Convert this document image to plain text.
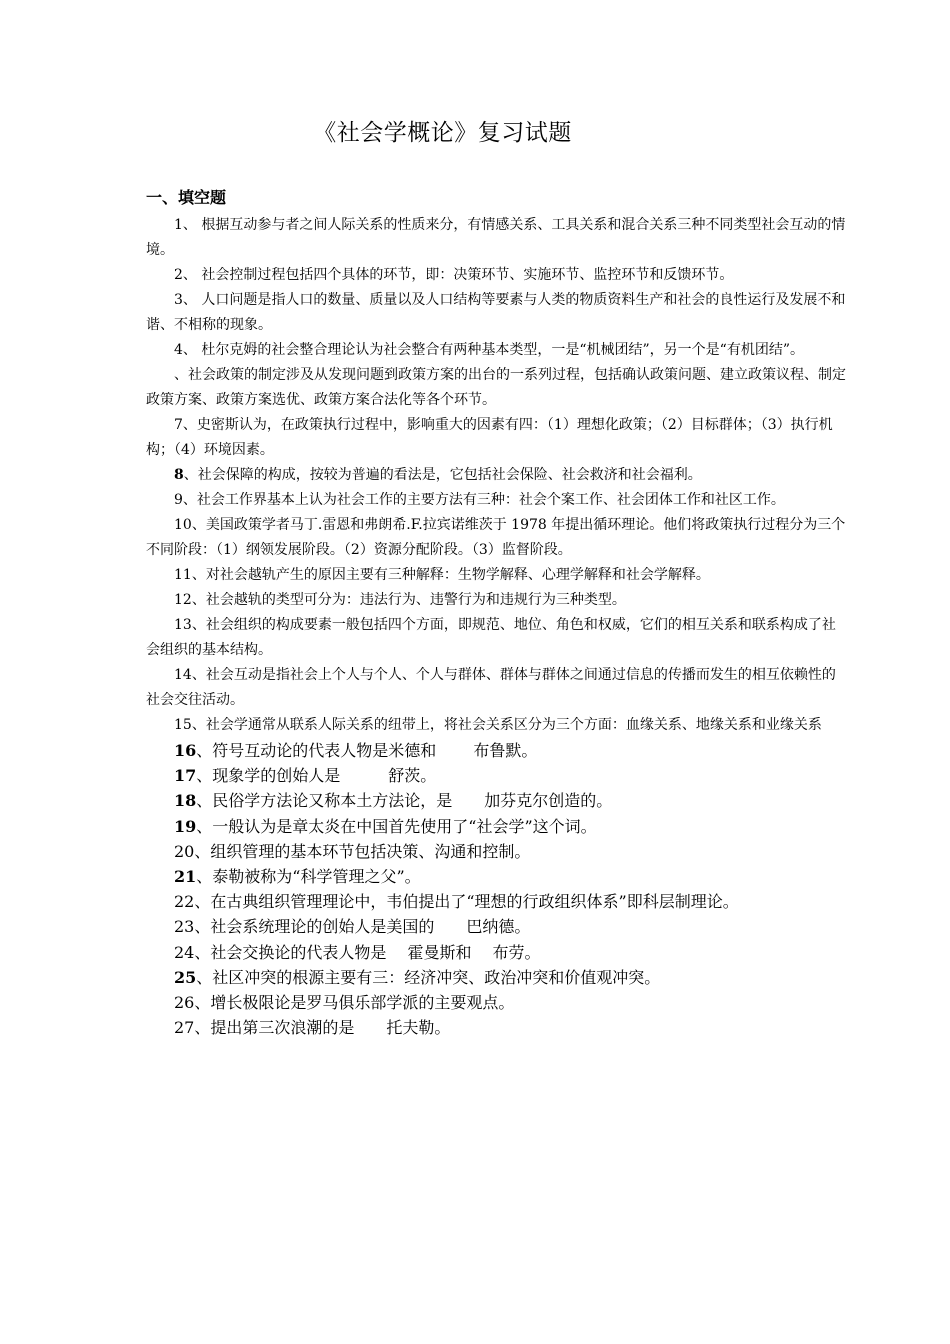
《社会学概论》复习试题
一、填空题

1、 根据互动参与者之间人际关系的性质来分，有情感关系、工具关系和混合关系三种不同类型社会互动的情境。

2、 社会控制过程包括四个具体的环节，即：决策环节、实施环节、监控环节和反馈环节。

3、 人口问题是指人口的数量、质量以及人口结构等要素与人类的物质资料生产和社会的良性运行及发展不和谐、不相称的现象。

4、 杜尔克姆的社会整合理论认为社会整合有两种基本类型，一是“机械团结”，另一个是“有机团结”。

、社会政策的制定涉及从发现问题到政策方案的出台的一系列过程，包括确认政策问题、建立政策议程、制定政策方案、政策方案选优、政策方案合法化等各个环节。

7、史密斯认为，在政策执行过程中，影响重大的因素有四：（1）理想化政策；（2）目标群体；（3）执行机构；（4）环境因素。

8、社会保障的构成，按较为普遍的看法是，它包括社会保险、社会救济和社会福利。

9、社会工作界基本上认为社会工作的主要方法有三种：社会个案工作、社会团体工作和社区工作。

10、美国政策学者马丁.雷恩和弗朗希.F.拉宾诺维茨于 1978 年提出循环理论。他们将政策执行过程分为三个不同阶段：（1）纲领发展阶段。（2）资源分配阶段。（3）监督阶段。

11、对社会越轨产生的原因主要有三种解释：生物学解释、心理学解释和社会学解释。

12、社会越轨的类型可分为：违法行为、违警行为和违规行为三种类型。

13、社会组织的构成要素一般包括四个方面，即规范、地位、角色和权威，它们的相互关系和联系构成了社会组织的基本结构。

14、社会互动是指社会上个人与个人、个人与群体、群体与群体之间通过信息的传播而发生的相互依赖性的社会交往活动。

15、社会学通常从联系人际关系的纽带上，将社会关系区分为三个方面：血缘关系、地缘关系和业缘关系

16、符号互动论的代表人物是米德和　　 布鲁默。

17、现象学的创始人是　　　舒茨。

18、民俗学方法论又称本土方法论，是　　加芬克尔创造的。

19、一般认为是章太炎在中国首先使用了“社会学”这个词。

20、组织管理的基本环节包括决策、沟通和控制。

21、泰勒被称为“科学管理之父”。

22、在古典组织管理理论中，韦伯提出了“理想的行政组织体系”即科层制理论。

23、社会系统理论的创始人是美国的　　巴纳德。

24、社会交换论的代表人物是　 霍曼斯和　 布劳。

25、社区冲突的根源主要有三：经济冲突、政治冲突和价值观冲突。

26、增长极限论是罗马俱乐部学派的主要观点。

27、提出第三次浪潮的是　　托夫勒。
